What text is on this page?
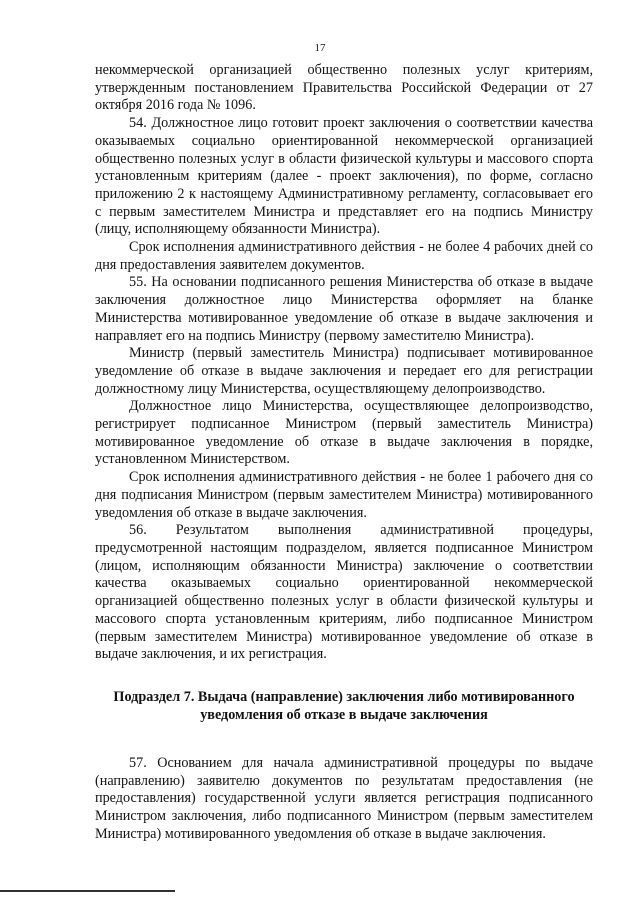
17

некоммерческой организацией общественно полезных услуг критериям, утвержденным постановлением Правительства Российской Федерации от 27 октября 2016 года № 1096.

54. Должностное лицо готовит проект заключения о соответствии качества оказываемых социально ориентированной некоммерческой организацией общественно полезных услуг в области физической культуры и массового спорта установленным критериям (далее - проект заключения), по форме, согласно приложению 2 к настоящему Административному регламенту, согласовывает его с первым заместителем Министра и представляет его на подпись Министру (лицу, исполняющему обязанности Министра).

Срок исполнения административного действия - не более 4 рабочих дней со дня предоставления заявителем документов.

55. На основании подписанного решения Министерства об отказе в выдаче заключения должностное лицо Министерства оформляет на бланке Министерства мотивированное уведомление об отказе в выдаче заключения и направляет его на подпись Министру (первому заместителю Министра).

Министр (первый заместитель Министра) подписывает мотивированное уведомление об отказе в выдаче заключения и передает его для регистрации должностному лицу Министерства, осуществляющему делопроизводство.

Должностное лицо Министерства, осуществляющее делопроизводство, регистрирует подписанное Министром (первый заместитель Министра) мотивированное уведомление об отказе в выдаче заключения в порядке, установленном Министерством.

Срок исполнения административного действия - не более 1 рабочего дня со дня подписания Министром (первым заместителем Министра) мотивированного уведомления об отказе в выдаче заключения.

56. Результатом выполнения административной процедуры, предусмотренной настоящим подразделом, является подписанное Министром (лицом, исполняющим обязанности Министра) заключение о соответствии качества оказываемых социально ориентированной некоммерческой организацией общественно полезных услуг в области физической культуры и массового спорта установленным критериям, либо подписанное Министром (первым заместителем Министра) мотивированное уведомление об отказе в выдаче заключения, и их регистрация.

Подраздел 7. Выдача (направление) заключения либо мотивированного уведомления об отказе в выдаче заключения

57. Основанием для начала административной процедуры по выдаче (направлению) заявителю документов по результатам предоставления (не предоставления) государственной услуги является регистрация подписанного Министром заключения, либо подписанного Министром (первым заместителем Министра) мотивированного уведомления об отказе в выдаче заключения.
